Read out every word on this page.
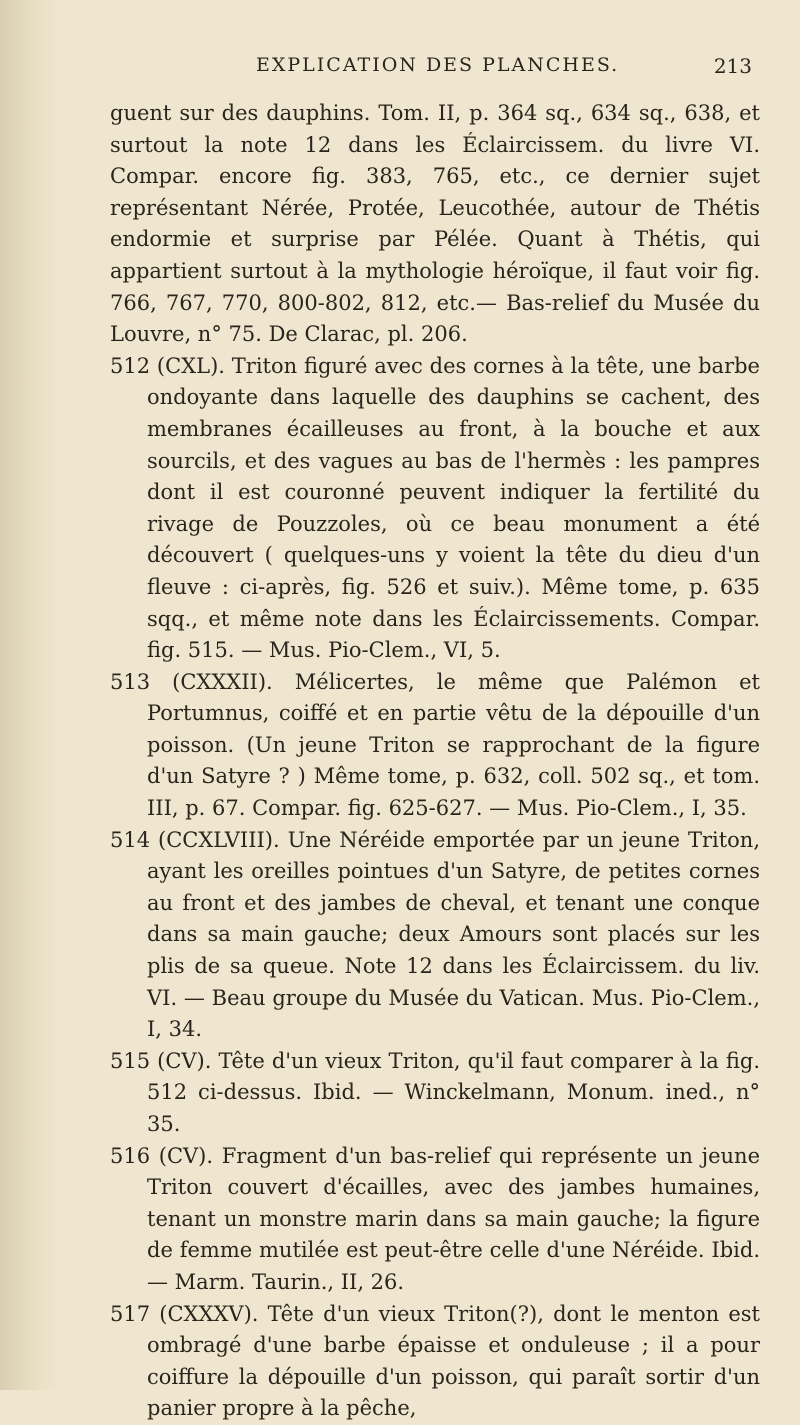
EXPLICATION DES PLANCHES.	213

guent sur des dauphins. Tom. II, p. 364 sq., 634 sq., 638, et surtout la note 12 dans les Éclaircissem. du livre VI. Compar. encore fig. 383, 765, etc., ce dernier sujet représentant Nérée, Protée, Leucothée, autour de Thétis endormie et surprise par Pélée. Quant à Thétis, qui appartient surtout à la mythologie héroïque, il faut voir fig. 766, 767, 770, 800-802, 812, etc.— Bas-relief du Musée du Louvre, n° 75. De Clarac, pl. 206.

512 (CXL). Triton figuré avec des cornes à la tête, une barbe ondoyante dans laquelle des dauphins se cachent, des membranes écailleuses au front, à la bouche et aux sourcils, et des vagues au bas de l'hermès : les pampres dont il est couronné peuvent indiquer la fertilité du rivage de Pouzzoles, où ce beau monument a été découvert ( quelques-uns y voient la tête du dieu d'un fleuve : ci-après, fig. 526 et suiv.). Même tome, p. 635 sqq., et même note dans les Éclaircissements. Compar. fig. 515. — Mus. Pio-Clem., VI, 5.

513 (CXXXII). Mélicertes, le même que Palémon et Portumnus, coiffé et en partie vêtu de la dépouille d'un poisson. (Un jeune Triton se rapprochant de la figure d'un Satyre ? ) Même tome, p. 632, coll. 502 sq., et tom. III, p. 67. Compar. fig. 625-627. — Mus. Pio-Clem., I, 35.

514 (CCXLVIII). Une Néréide emportée par un jeune Triton, ayant les oreilles pointues d'un Satyre, de petites cornes au front et des jambes de cheval, et tenant une conque dans sa main gauche; deux Amours sont placés sur les plis de sa queue. Note 12 dans les Éclaircissem. du liv. VI. — Beau groupe du Musée du Vatican. Mus. Pio-Clem., I, 34.

515 (CV). Tête d'un vieux Triton, qu'il faut comparer à la fig. 512 ci-dessus. Ibid. — Winckelmann, Monum. ined., n° 35.

516 (CV). Fragment d'un bas-relief qui représente un jeune Triton couvert d'écailles, avec des jambes humaines, tenant un monstre marin dans sa main gauche; la figure de femme mutilée est peut-être celle d'une Néréide. Ibid. — Marm. Taurin., II, 26.

517 (CXXXV). Tête d'un vieux Triton(?), dont le menton est ombragé d'une barbe épaisse et onduleuse ; il a pour coiffure la dépouille d'un poisson, qui paraît sortir d'un panier propre à la pêche,
